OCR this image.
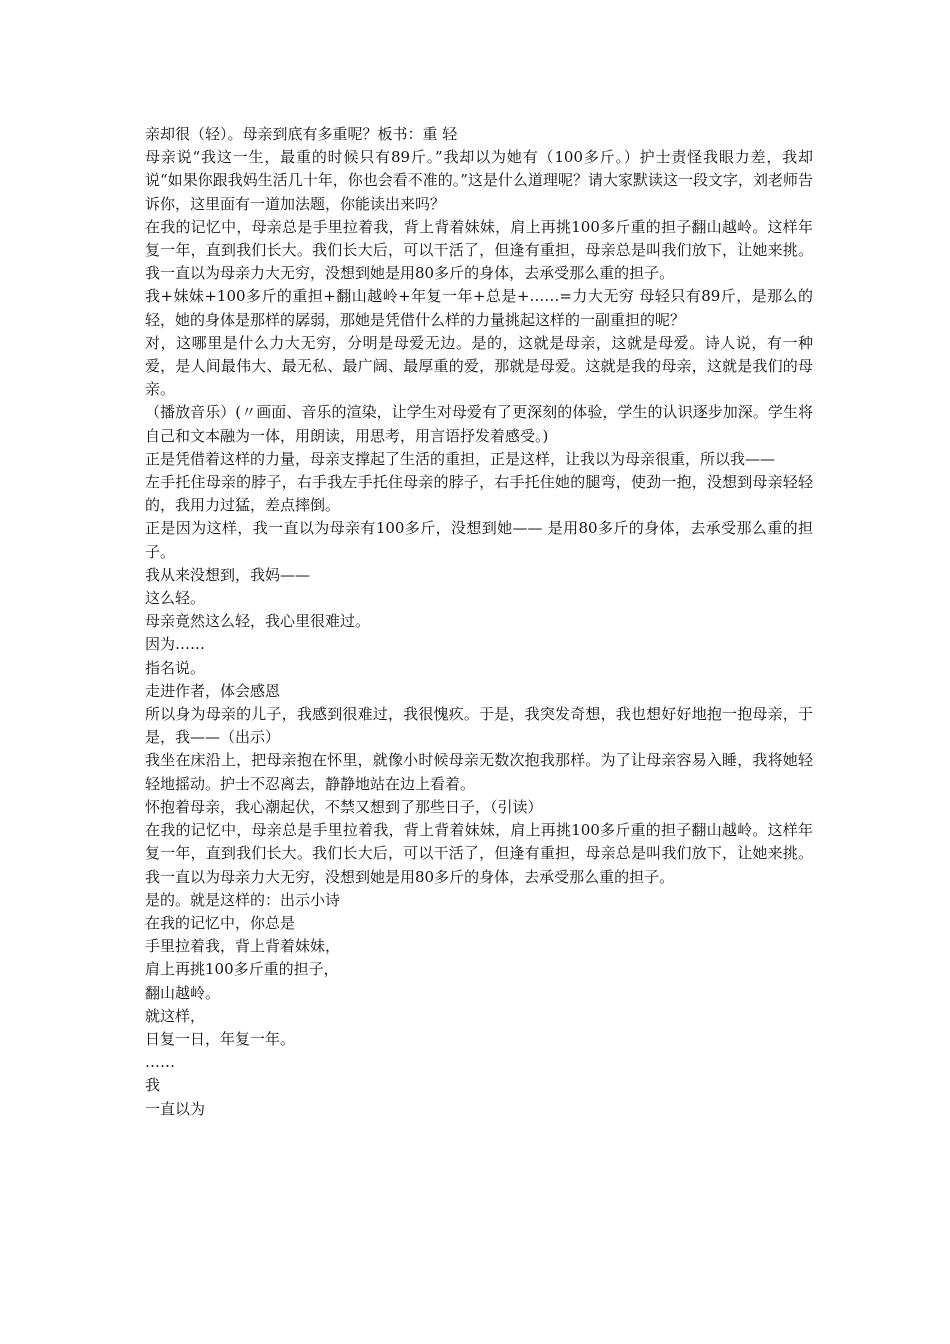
亲却很（轻）。母亲到底有多重呢？板书：重 轻

母亲说“我这一生，最重的时候只有89斤。”我却以为她有（100多斤。）护士责怪我眼力差，我却说“如果你跟我妈生活几十年，你也会看不准的。”这是什么道理呢？请大家默读这一段文字，刘老师告诉你，这里面有一道加法题，你能读出来吗？

在我的记忆中，母亲总是手里拉着我，背上背着妹妹，肩上再挑100多斤重的担子翻山越岭。这样年复一年，直到我们长大。我们长大后，可以干活了，但逢有重担，母亲总是叫我们放下，让她来挑。我一直以为母亲力大无穷，没想到她是用80多斤的身体，去承受那么重的担子。

我+妹妹+100多斤的重担+翻山越岭+年复一年+总是+……=力大无穷 母轻只有89斤，是那么的轻，她的身体是那样的孱弱，那她是凭借什么样的力量挑起这样的一副重担的呢？

对，这哪里是什么力大无穷，分明是母爱无边。是的，这就是母亲，这就是母爱。诗人说，有一种爱，是人间最伟大、最无私、最广阔、最厚重的爱，那就是母爱。这就是我的母亲，这就是我们的母亲。

（播放音乐）(〃画面、音乐的渲染，让学生对母爱有了更深刻的体验，学生的认识逐步加深。学生将自己和文本融为一体，用朗读，用思考，用言语抒发着感受。)

正是凭借着这样的力量，母亲支撑起了生活的重担，正是这样，让我以为母亲很重，所以我——

左手托住母亲的脖子，右手我左手托住母亲的脖子，右手托住她的腿弯，使劲一抱，没想到母亲轻轻的，我用力过猛，差点摔倒。

正是因为这样，我一直以为母亲有100多斤，没想到她—— 是用80多斤的身体，去承受那么重的担子。

我从来没想到，我妈——

这么轻。

母亲竟然这么轻，我心里很难过。

因为……

指名说。

走进作者，体会感恩

所以身为母亲的儿子，我感到很难过，我很愧疚。于是，我突发奇想，我也想好好地抱一抱母亲，于是，我——（出示）

我坐在床沿上，把母亲抱在怀里，就像小时候母亲无数次抱我那样。为了让母亲容易入睡，我将她轻轻地摇动。护士不忍离去，静静地站在边上看着。

怀抱着母亲，我心潮起伏，不禁又想到了那些日子，（引读）

在我的记忆中，母亲总是手里拉着我，背上背着妹妹，肩上再挑100多斤重的担子翻山越岭。这样年复一年，直到我们长大。我们长大后，可以干活了，但逢有重担，母亲总是叫我们放下，让她来挑。我一直以为母亲力大无穷，没想到她是用80多斤的身体，去承受那么重的担子。

是的。就是这样的：出示小诗

在我的记忆中，你总是

手里拉着我，背上背着妹妹，

肩上再挑100多斤重的担子，

翻山越岭。

就这样，

日复一日，年复一年。

……

我

一直以为
